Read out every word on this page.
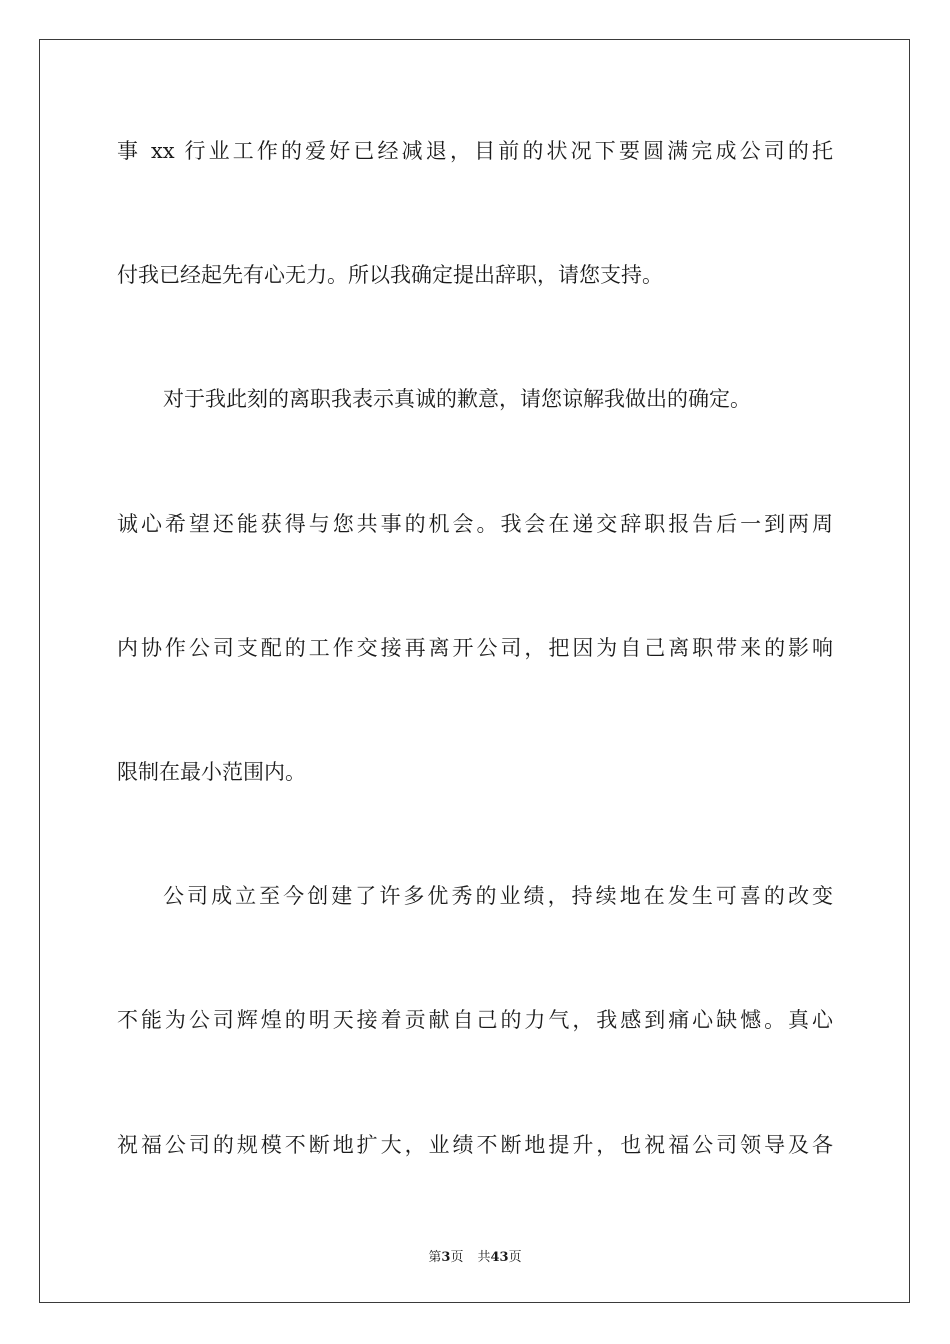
事 xx 行业工作的爱好已经减退，目前的状况下要圆满完成公司的托
付我已经起先有心无力。所以我确定提出辞职，请您支持。
对于我此刻的离职我表示真诚的歉意，请您谅解我做出的确定。
诚心希望还能获得与您共事的机会。我会在递交辞职报告后一到两周
内协作公司支配的工作交接再离开公司，把因为自己离职带来的影响
限制在最小范围内。
公司成立至今创建了许多优秀的业绩，持续地在发生可喜的改变
不能为公司辉煌的明天接着贡献自己的力气，我感到痛心缺憾。真心
祝福公司的规模不断地扩大，业绩不断地提升，也祝福公司领导及各
第3页 共43页
